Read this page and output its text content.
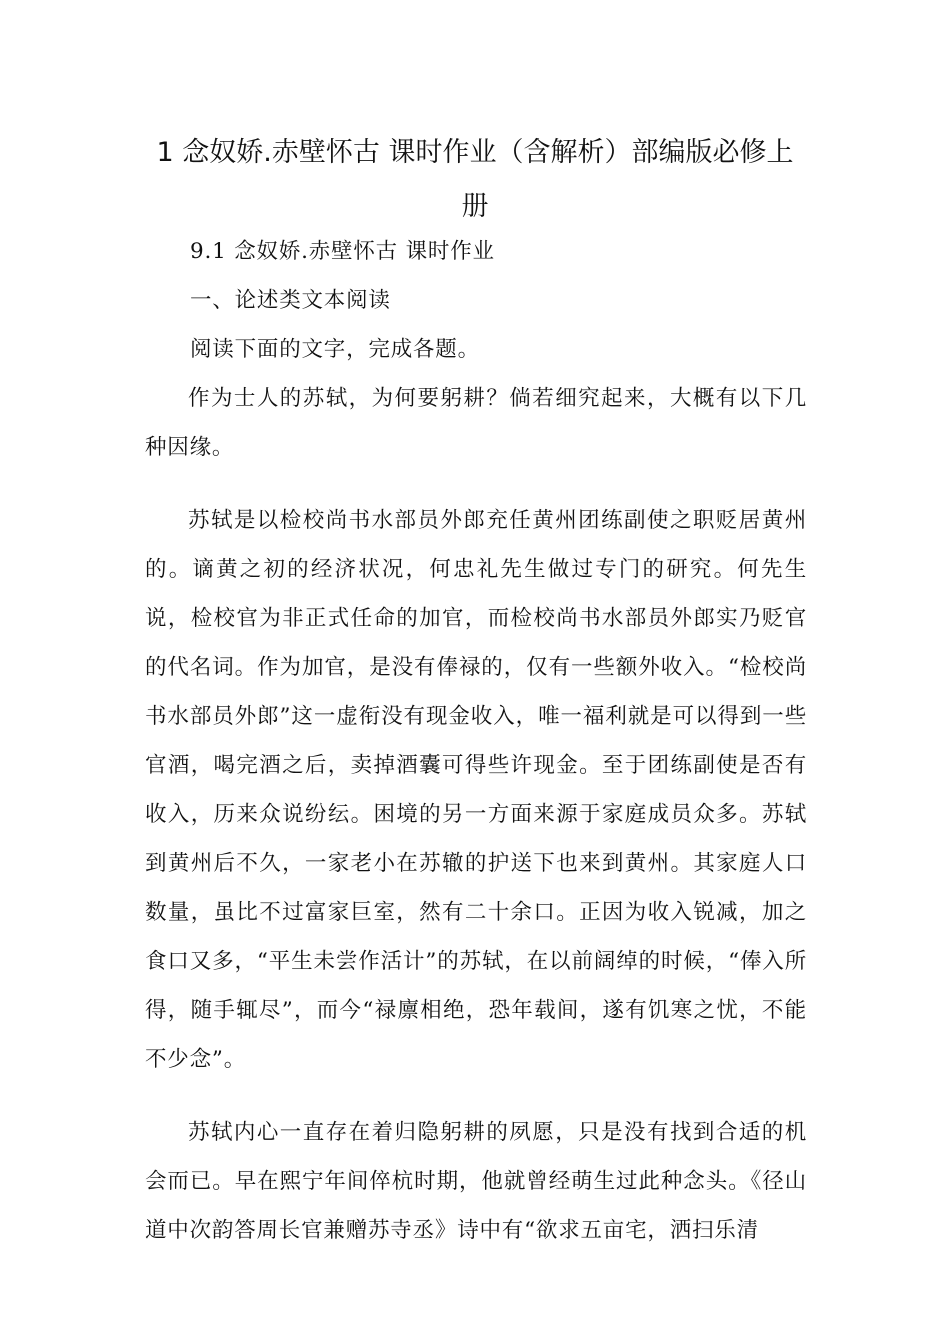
1 念奴娇.赤壁怀古 课时作业（含解析）部编版必修上册
9.1 念奴娇.赤壁怀古 课时作业
一、论述类文本阅读
阅读下面的文字，完成各题。

作为士人的苏轼，为何要躬耕？倘若细究起来，大概有以下几种因缘。

苏轼是以检校尚书水部员外郎充任黄州团练副使之职贬居黄州的。谪黄之初的经济状况，何忠礼先生做过专门的研究。何先生说，检校官为非正式任命的加官，而检校尚书水部员外郎实乃贬官的代名词。作为加官，是没有俸禄的，仅有一些额外收入。“检校尚书水部员外郎”这一虚衔没有现金收入，唯一福利就是可以得到一些官酒，喝完酒之后，卖掉酒囊可得些许现金。至于团练副使是否有收入，历来众说纷纭。困境的另一方面来源于家庭成员众多。苏轼到黄州后不久，一家老小在苏辙的护送下也来到黄州。其家庭人口数量，虽比不过富家巨室，然有二十余口。正因为收入锐减，加之食口又多，“平生未尝作活计”的苏轼，在以前阔绰的时候，“俸入所得，随手辄尽”，而今“禄廪相绝，恐年载间，遂有饥寒之忧，不能不少念”。

苏轼内心一直存在着归隐躬耕的夙愿，只是没有找到合适的机会而已。早在熙宁年间倅杭时期，他就曾经萌生过此种念头。《径山道中次韵答周长官兼赠苏寺丞》诗中有“欲求五亩宅，洒扫乐清
